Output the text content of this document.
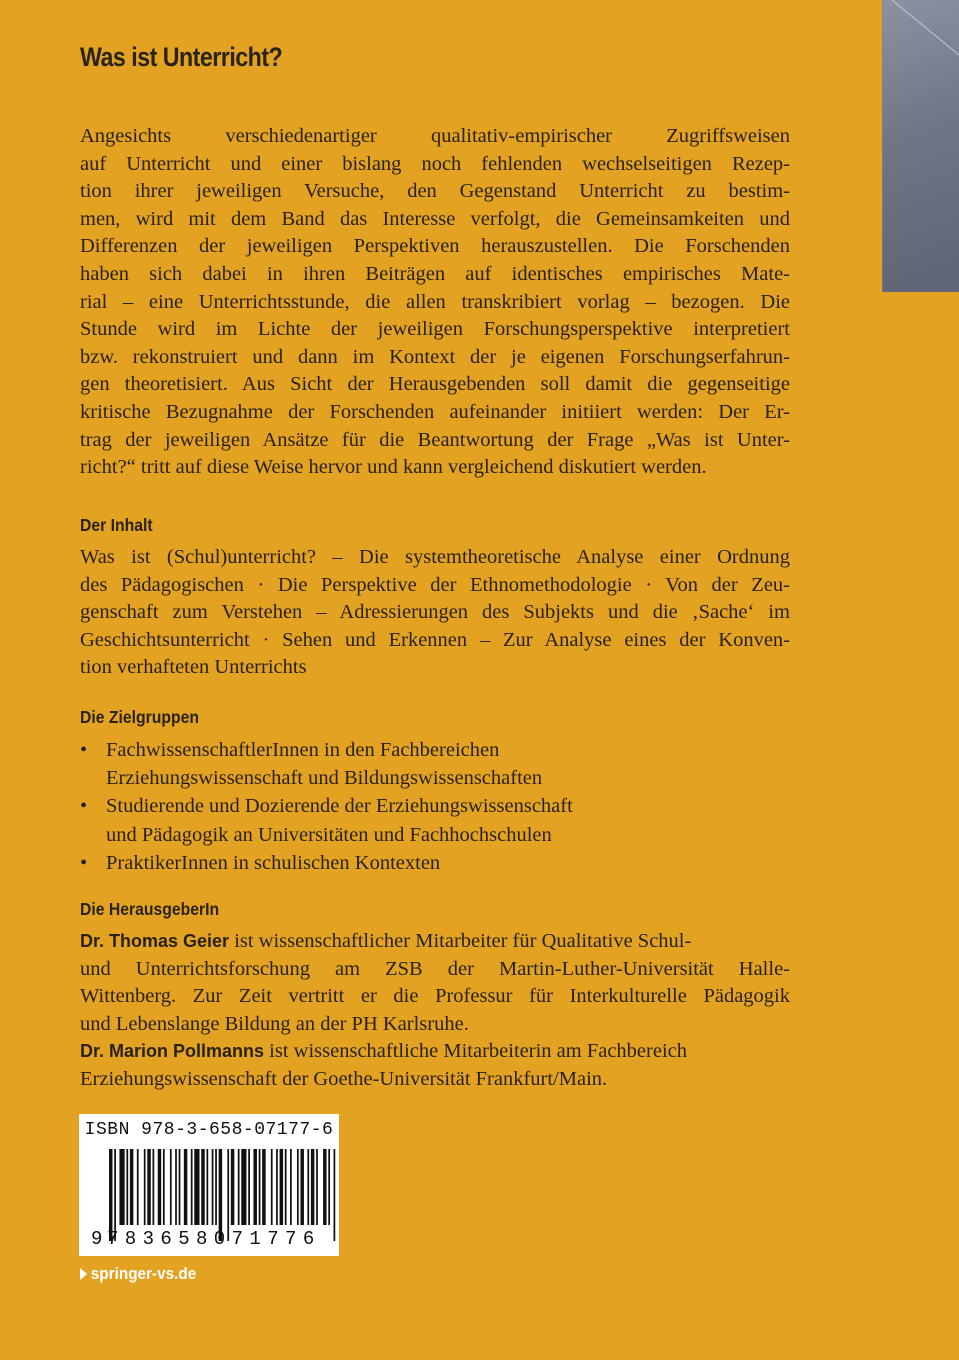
Was ist Unterricht?
Angesichts verschiedenartiger qualitativ-empirischer Zugriffsweisen
auf Unterricht und einer bislang noch fehlenden wechselseitigen Rezep-
tion ihrer jeweiligen Versuche, den Gegenstand Unterricht zu bestim-
men, wird mit dem Band das Interesse verfolgt, die Gemeinsamkeiten und
Differenzen der jeweiligen Perspektiven herauszustellen. Die Forschenden
haben sich dabei in ihren Beiträgen auf identisches empirisches Mate-
rial – eine Unterrichtsstunde, die allen transkribiert vorlag – bezogen. Die
Stunde wird im Lichte der jeweiligen Forschungsperspektive interpretiert
bzw. rekonstruiert und dann im Kontext der je eigenen Forschungserfahrun-
gen theoretisiert. Aus Sicht der Herausgebenden soll damit die gegenseitige
kritische Bezugnahme der Forschenden aufeinander initiiert werden: Der Er-
trag der jeweiligen Ansätze für die Beantwortung der Frage „Was ist Unter-
richt?“ tritt auf diese Weise hervor und kann vergleichend diskutiert werden.
Der Inhalt
Was ist (Schul)unterricht? – Die systemtheoretische Analyse einer Ordnung
des Pädagogischen · Die Perspektive der Ethnomethodologie · Von der Zeu-
genschaft zum Verstehen – Adressierungen des Subjekts und die ‚Sache‘ im
Geschichtsunterricht · Sehen und Erkennen – Zur Analyse eines der Konven-
tion verhafteten Unterrichts
Die Zielgruppen
• FachwissenschaftlerInnen in den Fachbereichen
Erziehungswissenschaft und Bildungswissenschaften
• Studierende und Dozierende der Erziehungswissenschaft
und Pädagogik an Universitäten und Fachhochschulen
• PraktikerInnen in schulischen Kontexten
Die HerausgeberIn
Dr. Thomas Geier ist wissenschaftlicher Mitarbeiter für Qualitative Schul-

und Unterrichtsforschung am ZSB der Martin-Luther-Universität Halle-
Wittenberg. Zur Zeit vertritt er die Professur für Interkulturelle Pädagogik
und Lebenslange Bildung an der PH Karlsruhe.
Dr. Marion Pollmanns ist wissenschaftliche Mitarbeiterin am Fachbereich

Erziehungswissenschaft der Goethe-Universität Frankfurt/Main.
ISBN 978-3-658-07177-6
9 783658071776
springer-vs.de
